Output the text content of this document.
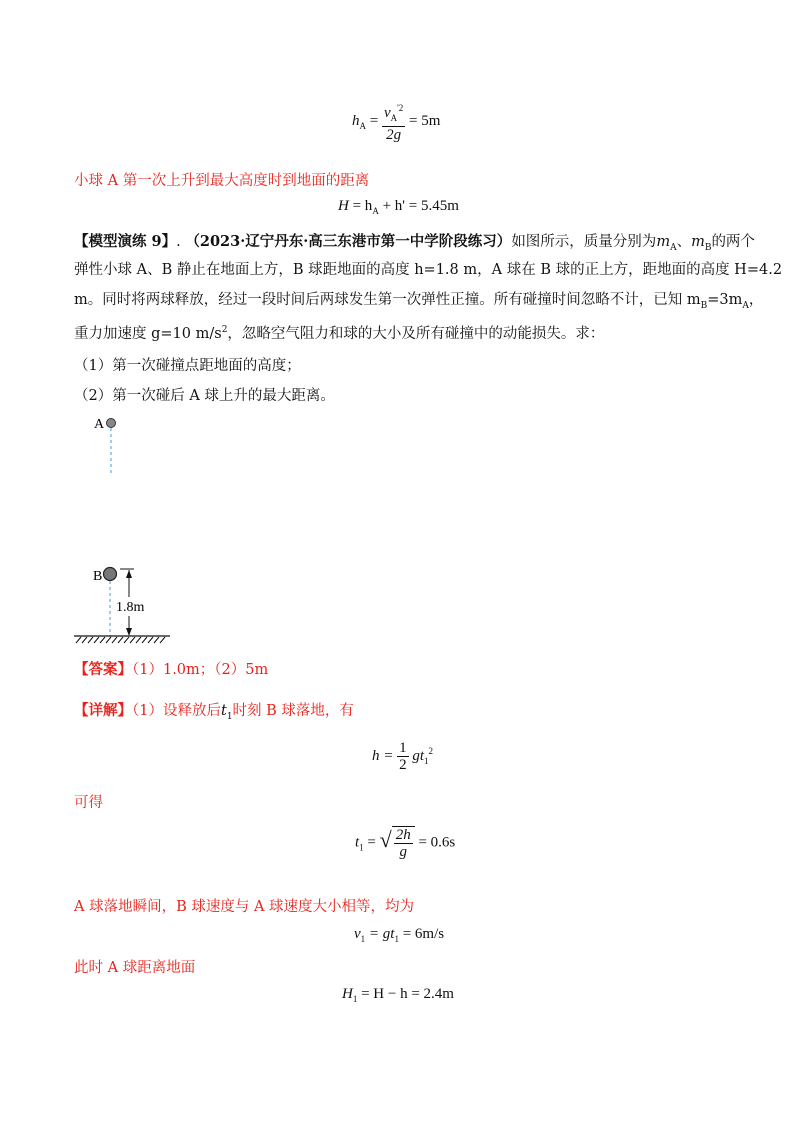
$h_A = \frac{v_A^{'2}}{2g} = 5m$
小球 A 第一次上升到最大高度时到地面的距离
$H = h_A + h' = 5.45m$
【模型演练 9】. （2023·辽宁丹东·高三东港市第一中学阶段练习）如图所示，质量分别为$m_A$、$m_B$的两个
弹性小球 A、B 静止在地面上方，B 球距地面的高度 h=1.8 m，A 球在 B 球的正上方，距地面的高度 H=4.2
m。同时将两球释放，经过一段时间后两球发生第一次弹性正撞。所有碰撞时间忽略不计，已知 $m_B=3m_A$，
重力加速度 g=10 $m/s^2$，忽略空气阻力和球的大小及所有碰撞中的动能损失。求：
（1）第一次碰撞点距地面的高度；
（2）第一次碰后 A 球上升的最大距离。
A
B
1.8m
【答案】（1）1.0m；（2）5m
【详解】（1）设释放后$t_1$时刻 B 球落地，有
$h = \frac{1}{2} gt_1^2$
可得
$t_1$ = √ $\frac{2h}{g} = 0.6s$
A 球落地瞬间，B 球速度与 A 球速度大小相等，均为
$v_1 = gt_1 = 6m/s$
此时 A 球距离地面
$H_1 = H - h = 2.4m$
